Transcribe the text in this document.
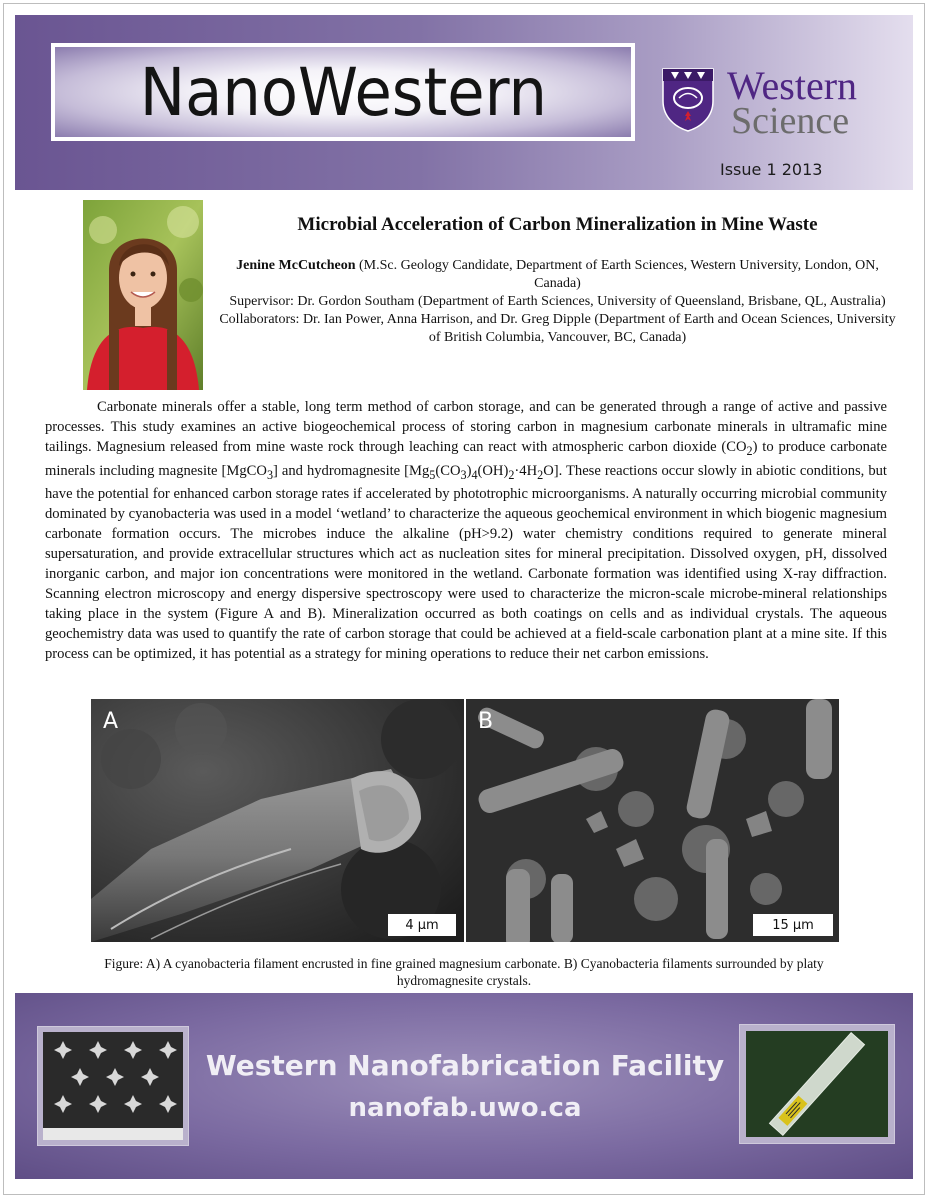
NanoWestern	Western
Science
Issue 1 2013
Microbial Acceleration of Carbon Mineralization in Mine Waste

Jenine McCutcheon (M.Sc. Geology Candidate, Department of Earth Sciences, Western University, London, ON, Canada)

Supervisor: Dr. Gordon Southam (Department of Earth Sciences, University of Queensland, Brisbane, QL, Australia)

Collaborators: Dr. Ian Power, Anna Harrison, and Dr. Greg Dipple (Department of Earth and Ocean Sciences, University of British Columbia, Vancouver, BC, Canada)

Carbonate minerals offer a stable, long term method of carbon storage, and can be generated through a range of active and passive processes. This study examines an active biogeochemical process of storing carbon in magnesium carbonate minerals in ultramafic mine tailings. Magnesium released from mine waste rock through leaching can react with atmospheric carbon dioxide $(CO_2)$ to produce carbonate minerals including magnesite [MgCO$_3$] and hydromagnesite $[Mg_5(CO_3)_4(OH)_2\cdot 4H_2O]$. These reactions occur slowly in abiotic conditions, but have the potential for enhanced carbon storage rates if accelerated by phototrophic microorganisms. A naturally occurring microbial community dominated by cyanobacteria was used in a model ‘wetland’ to characterize the aqueous geochemical environment in which biogenic magnesium carbonate formation occurs. The microbes induce the alkaline (pH>9.2) water chemistry conditions required to generate mineral supersaturation, and provide extracellular structures which act as nucleation sites for mineral precipitation. Dissolved oxygen, pH, dissolved inorganic carbon, and major ion concentrations were monitored in the wetland. Carbonate formation was identified using X-ray diffraction. Scanning electron microscopy and energy dispersive spectroscopy were used to characterize the micron-scale microbe-mineral relationships taking place in the system (Figure A and B). Mineralization occurred as both coatings on cells and as individual crystals. The aqueous geochemistry data was used to quantify the rate of carbon storage that could be achieved at a field-scale carbonation plant at a mine site. If this process can be optimized, it has potential as a strategy for mining operations to reduce their net carbon emissions.

A
4 µm
B
15 µm
Figure: A) A cyanobacteria filament encrusted in fine grained magnesium carbonate. B) Cyanobacteria filaments surrounded by platy hydromagnesite crystals.
Western Nanofabrication Facility
nanofab.uwo.ca
